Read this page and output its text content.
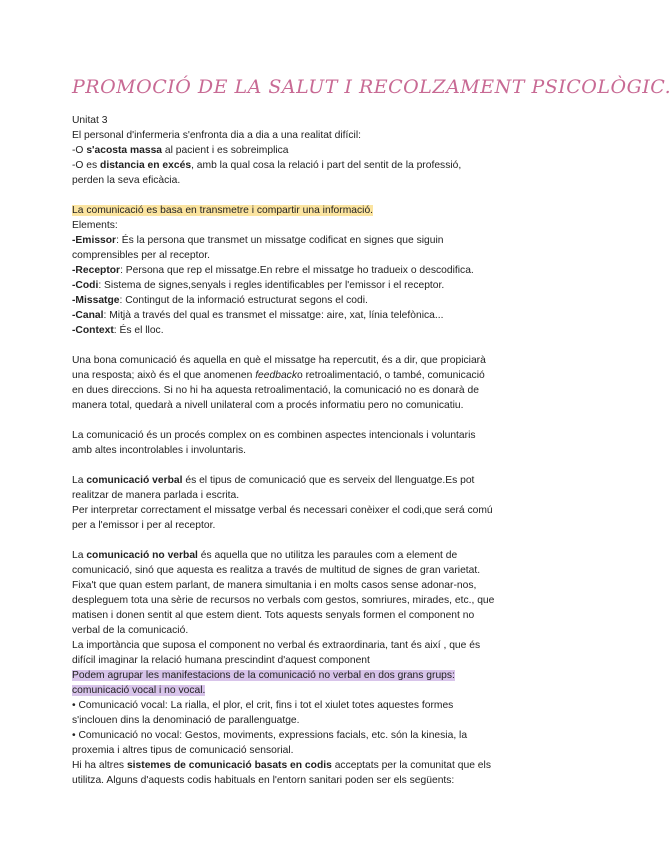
PROMOCIÓ DE LA SALUT I RECOLZAMENT PSICOLÒGIC.
Unitat 3
El personal d'infermeria s'enfronta dia a dia a una realitat difícil:
-O s'acosta massa al pacient i es sobreimplica
-O es distancia en excés, amb la qual cosa la relació i part del sentit de la professió,
perden la seva eficàcia.
La comunicació es basa en transmetre i compartir una informació.
Elements:
-Emissor: És la persona que transmet un missatge codificat en signes que siguin
comprensibles per al receptor.
-Receptor: Persona que rep el missatge.En rebre el missatge ho tradueix o descodifica.
-Codi: Sistema de signes,senyals i regles identificables per l'emissor i el receptor.
-Missatge: Contingut de la informació estructurat segons el codi.
-Canal: Mitjà a través del qual es transmet el missatge: aire, xat, línia telefònica...
-Context: És el lloc.
Una bona comunicació és aquella en què el missatge ha repercutit, és a dir, que propiciarà
una resposta; això és el que anomenen feedbacko retroalimentació, o també, comunicació
en dues direccions. Si no hi ha aquesta retroalimentació, la comunicació no es donarà de
manera total, quedarà a nivell unilateral com a procés informatiu pero no comunicatiu.
La comunicació és un procés complex on es combinen aspectes intencionals i voluntaris
amb altes incontrolables i involuntaris.
La comunicació verbal és el tipus de comunicació que es serveix del llenguatge.Es pot
realitzar de manera parlada i escrita.
Per interpretar correctament el missatge verbal és necessari conèixer el codi,que será comú
per a l'emissor i per al receptor.
La comunicació no verbal és aquella que no utilitza les paraules com a element de
comunicació, sinó que aquesta es realitza a través de multitud de signes de gran varietat.
Fixa't que quan estem parlant, de manera simultania i en molts casos sense adonar-nos,
despleguem tota una sèrie de recursos no verbals com gestos, somriures, mirades, etc., que
matisen i donen sentit al que estem dient. Tots aquests senyals formen el component no
verbal de la comunicació.
La importància que suposa el component no verbal és extraordinaria, tant és així , que és
difícil imaginar la relació humana prescindint d'aquest component
Podem agrupar les manifestacions de la comunicació no verbal en dos grans grups:
comunicació vocal i no vocal.
• Comunicació vocal: La rialla, el plor, el crit, fins i tot el xiulet totes aquestes formes
s'inclouen dins la denominació de parallenguatge.
• Comunicació no vocal: Gestos, moviments, expressions facials, etc. són la kinesia, la
proxemia i altres tipus de comunicació sensorial.
Hi ha altres sistemes de comunicació basats en codis acceptats per la comunitat que els
utilitza. Alguns d'aquests codis habituals en l'entorn sanitari poden ser els següents:
